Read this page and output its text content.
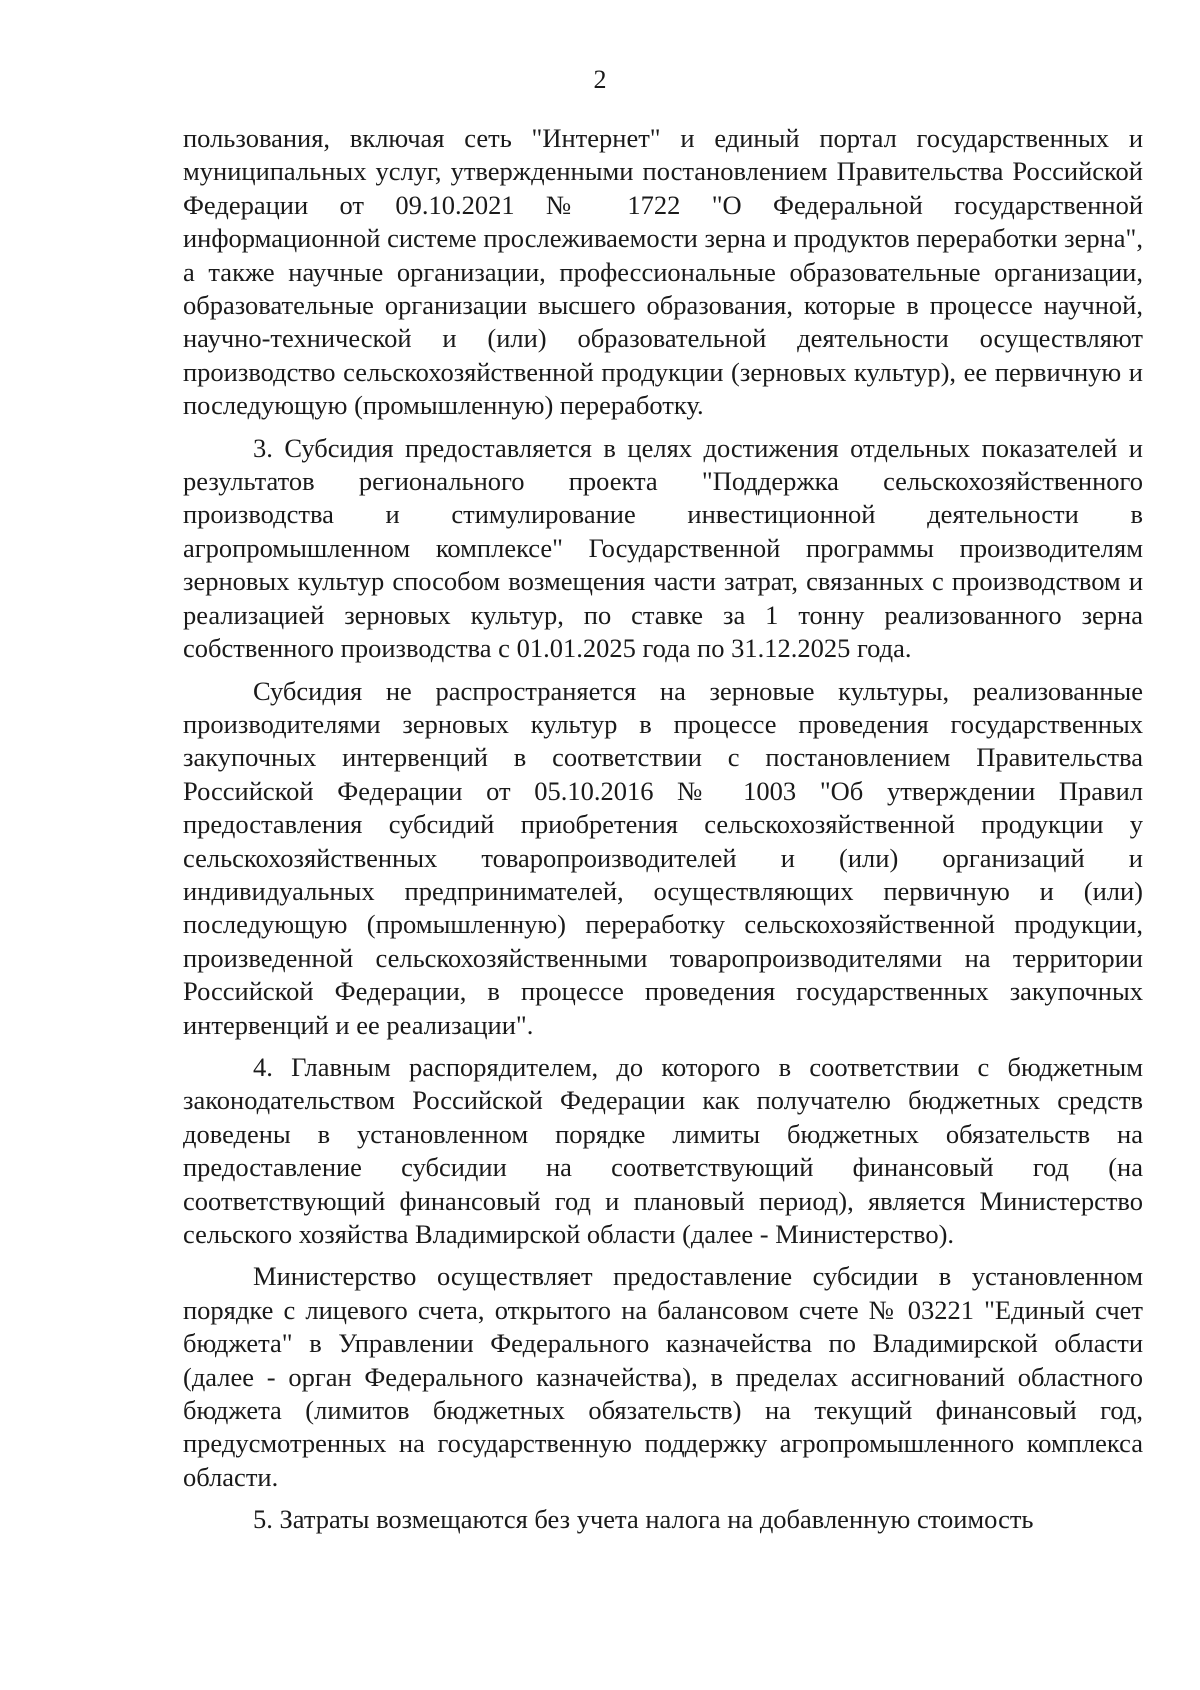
2

пользования, включая сеть "Интернет" и единый портал государственных и муниципальных услуг, утвержденными постановлением Правительства Российской Федерации от 09.10.2021 № 1722 "О Федеральной государственной информационной системе прослеживаемости зерна и продуктов переработки зерна", а также научные организации, профессиональные образовательные организации, образовательные организации высшего образования, которые в процессе научной, научно-технической и (или) образовательной деятельности осуществляют производство сельскохозяйственной продукции (зерновых культур), ее первичную и последующую (промышленную) переработку.

3. Субсидия предоставляется в целях достижения отдельных показателей и результатов регионального проекта "Поддержка сельскохозяйственного производства и стимулирование инвестиционной деятельности в агропромышленном комплексе" Государственной программы производителям зерновых культур способом возмещения части затрат, связанных с производством и реализацией зерновых культур, по ставке за 1 тонну реализованного зерна собственного производства с 01.01.2025 года по 31.12.2025 года.

Субсидия не распространяется на зерновые культуры, реализованные производителями зерновых культур в процессе проведения государственных закупочных интервенций в соответствии с постановлением Правительства Российской Федерации от 05.10.2016 № 1003 "Об утверждении Правил предоставления субсидий приобретения сельскохозяйственной продукции у сельскохозяйственных товаропроизводителей и (или) организаций и индивидуальных предпринимателей, осуществляющих первичную и (или) последующую (промышленную) переработку сельскохозяйственной продукции, произведенной сельскохозяйственными товаропроизводителями на территории Российской Федерации, в процессе проведения государственных закупочных интервенций и ее реализации".

4. Главным распорядителем, до которого в соответствии с бюджетным законодательством Российской Федерации как получателю бюджетных средств доведены в установленном порядке лимиты бюджетных обязательств на предоставление субсидии на соответствующий финансовый год (на соответствующий финансовый год и плановый период), является Министерство сельского хозяйства Владимирской области (далее - Министерство).

Министерство осуществляет предоставление субсидии в установленном порядке с лицевого счета, открытого на балансовом счете № 03221 "Единый счет бюджета" в Управлении Федерального казначейства по Владимирской области (далее - орган Федерального казначейства), в пределах ассигнований областного бюджета (лимитов бюджетных обязательств) на текущий финансовый год, предусмотренных на государственную поддержку агропромышленного комплекса области.

5. Затраты возмещаются без учета налога на добавленную стоимость
